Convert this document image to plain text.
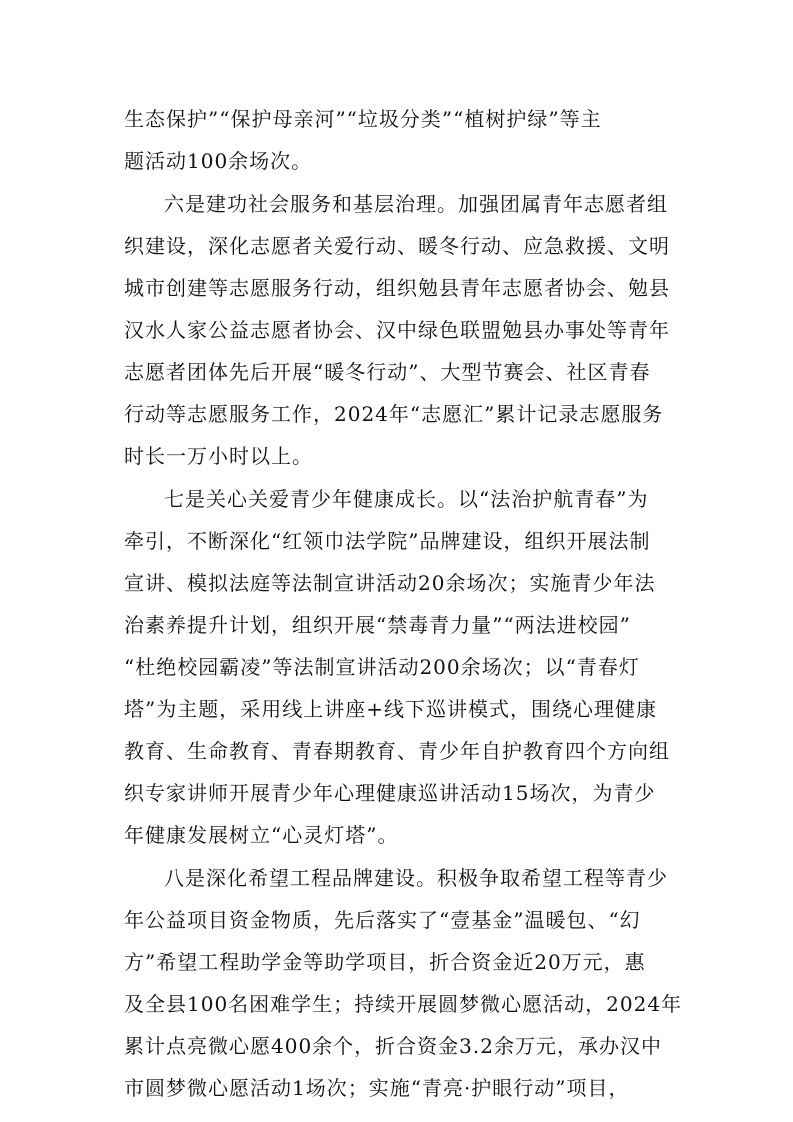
生态保护”“保护母亲河”“垃圾分类”“植树护绿”等主
题活动100余场次。
六是建功社会服务和基层治理。加强团属青年志愿者组
织建设，深化志愿者关爱行动、暖冬行动、应急救援、文明
城市创建等志愿服务行动，组织勉县青年志愿者协会、勉县
汉水人家公益志愿者协会、汉中绿色联盟勉县办事处等青年
志愿者团体先后开展“暖冬行动”、大型节赛会、社区青春
行动等志愿服务工作，2024年“志愿汇”累计记录志愿服务
时长一万小时以上。
七是关心关爱青少年健康成长。以“法治护航青春”为
牵引，不断深化“红领巾法学院”品牌建设，组织开展法制
宣讲、模拟法庭等法制宣讲活动20余场次；实施青少年法
治素养提升计划，组织开展“禁毒青力量”“两法进校园”
“杜绝校园霸凌”等法制宣讲活动200余场次；以“青春灯
塔”为主题，采用线上讲座+线下巡讲模式，围绕心理健康
教育、生命教育、青春期教育、青少年自护教育四个方向组
织专家讲师开展青少年心理健康巡讲活动15场次，为青少
年健康发展树立“心灵灯塔”。
八是深化希望工程品牌建设。积极争取希望工程等青少
年公益项目资金物质，先后落实了“壹基金”温暖包、“幻
方”希望工程助学金等助学项目，折合资金近20万元，惠
及全县100名困难学生；持续开展圆梦微心愿活动，2024年
累计点亮微心愿400余个，折合资金3.2余万元，承办汉中
市圆梦微心愿活动1场次；实施“青亮·护眼行动”项目，
